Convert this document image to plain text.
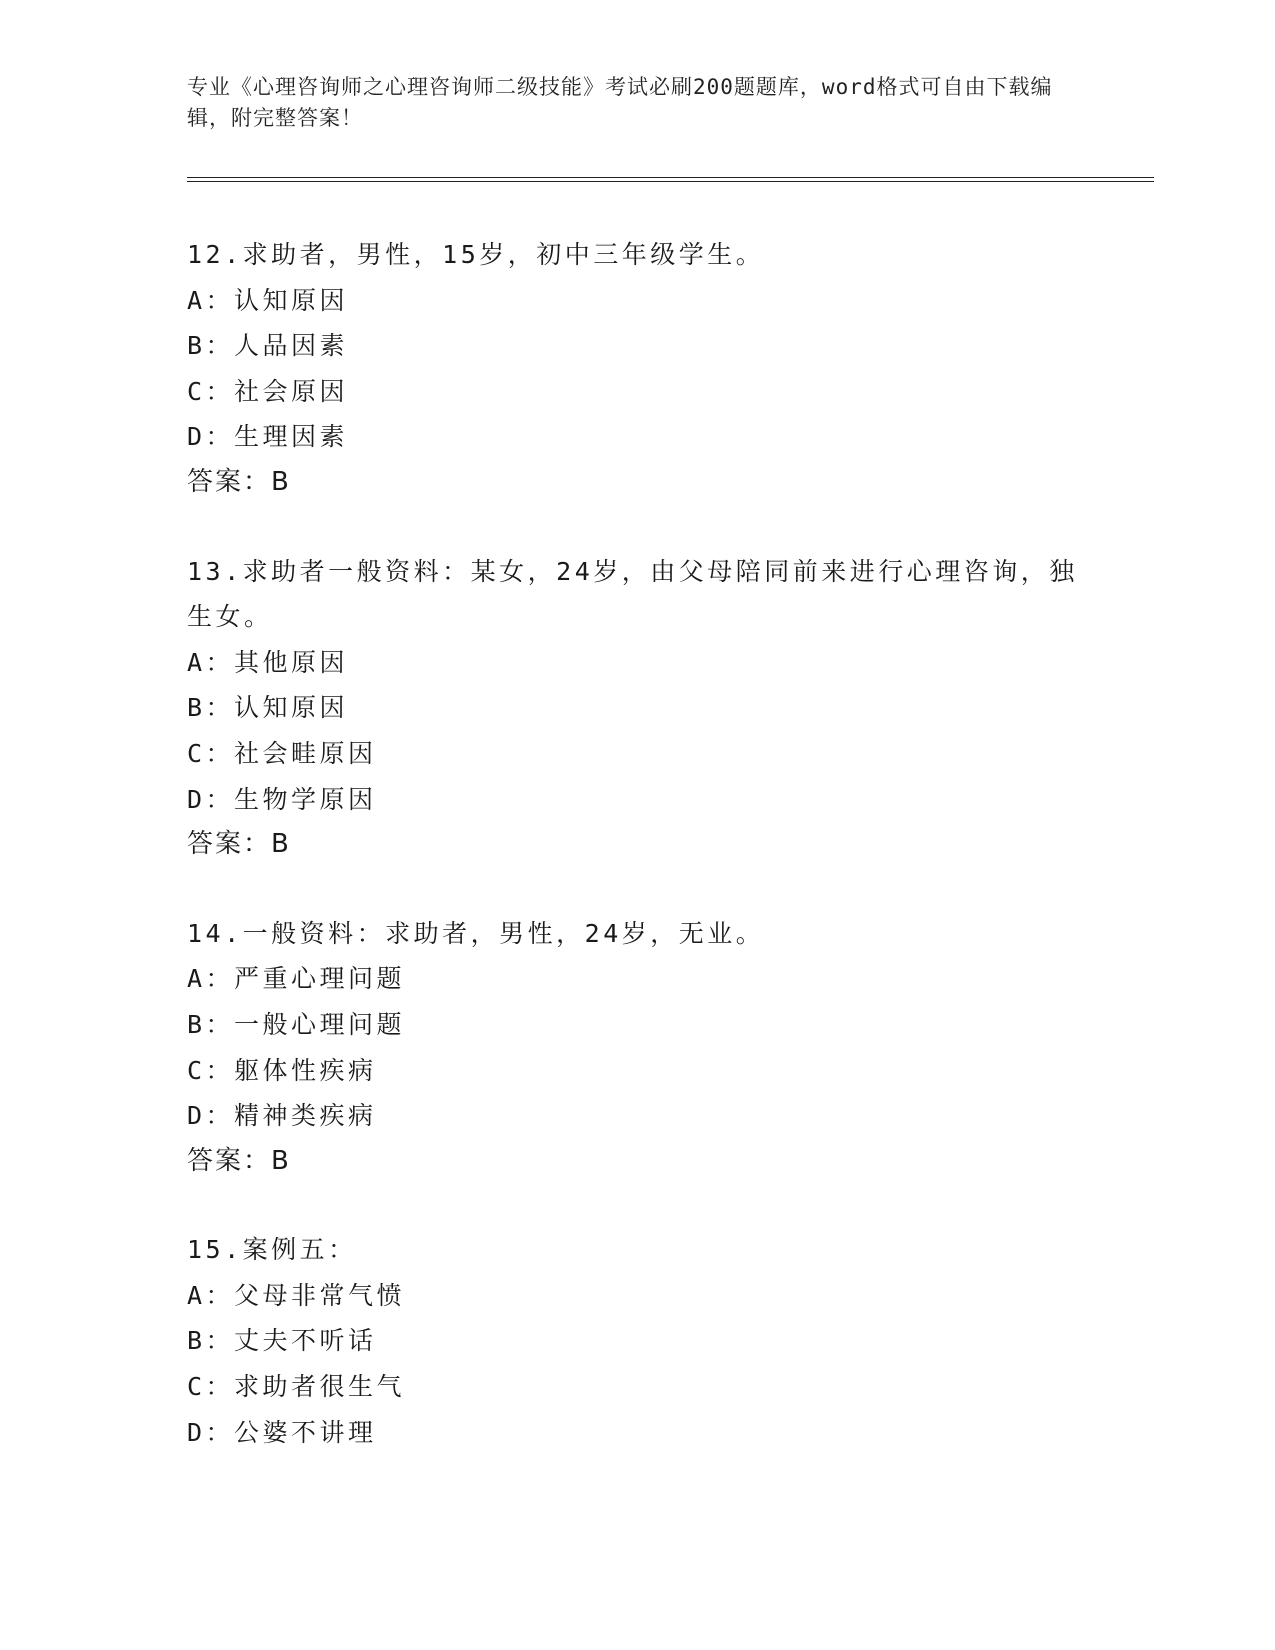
专业《心理咨询师之心理咨询师二级技能》考试必刷200题题库，word格式可自由下载编辑，附完整答案！
12.求助者，男性，15岁，初中三年级学生。
A：认知原因
B：人品因素
C：社会原因
D：生理因素
答案：B
13.求助者一般资料：某女，24岁，由父母陪同前来进行心理咨询，独生女。
A：其他原因
B：认知原因
C：社会畦原因
D：生物学原因
答案：B
14.一般资料：求助者，男性，24岁，无业。
A：严重心理问题
B：一般心理问题
C：躯体性疾病
D：精神类疾病
答案：B
15.案例五：
A：父母非常气愤
B：丈夫不听话
C：求助者很生气
D：公婆不讲理
